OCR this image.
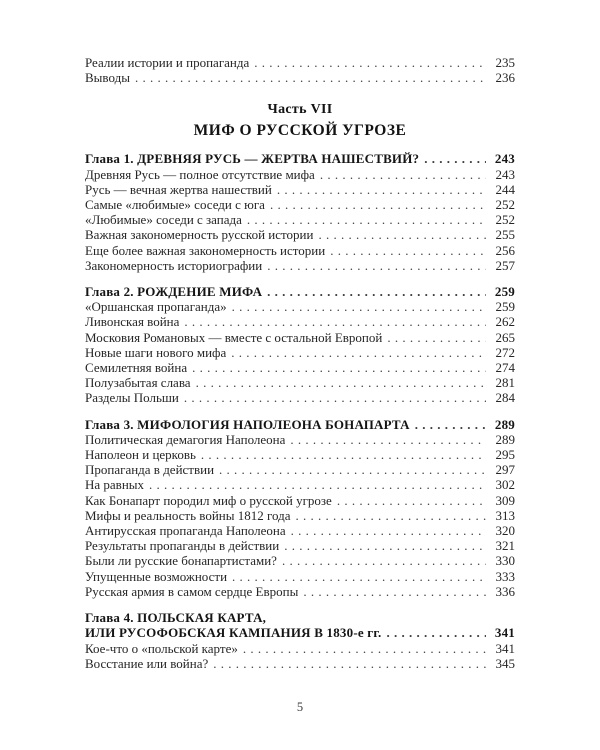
Реалии истории и пропаганда . . .	235
Выводы . . .	236
Часть VII
МИФ О РУССКОЙ УГРОЗЕ
Глава 1. ДРЕВНЯЯ РУСЬ — ЖЕРТВА НАШЕСТВИЙ? . . .	243
Древняя Русь — полное отсутствие мифа . . .	243
Русь — вечная жертва нашествий . . .	244
Самые «любимые» соседи с юга . . .	252
«Любимые» соседи с запада . . .	252
Важная закономерность русской истории . . .	255
Еще более важная закономерность истории . . .	256
Закономерность историографии . . .	257
Глава 2. РОЖДЕНИЕ МИФА . . .	259
«Оршанская пропаганда» . . .	259
Ливонская война . . .	262
Московия Романовых — вместе с остальной Европой . . .	265
Новые шаги нового мифа . . .	272
Семилетняя война . . .	274
Полузабытая слава . . .	281
Разделы Польши . . .	284
Глава 3. МИФОЛОГИЯ НАПОЛЕОНА БОНАПАРТА . . .	289
Политическая демагогия Наполеона . . .	289
Наполеон и церковь . . .	295
Пропаганда в действии . . .	297
На равных . . .	302
Как Бонапарт породил миф о русской угрозе . . .	309
Мифы и реальность войны 1812 года . . .	313
Антирусская пропаганда Наполеона . . .	320
Результаты пропаганды в действии . . .	321
Были ли русские бонапартистами? . . .	330
Упущенные возможности . . .	333
Русская армия в самом сердце Европы . . .	336
Глава 4. ПОЛЬСКАЯ КАРТА,
ИЛИ РУСОФОБСКАЯ КАМПАНИЯ В 1830-е гг. . . .	341
Кое-что о «польской карте» . . .	341
Восстание или война? . . .	345
5
